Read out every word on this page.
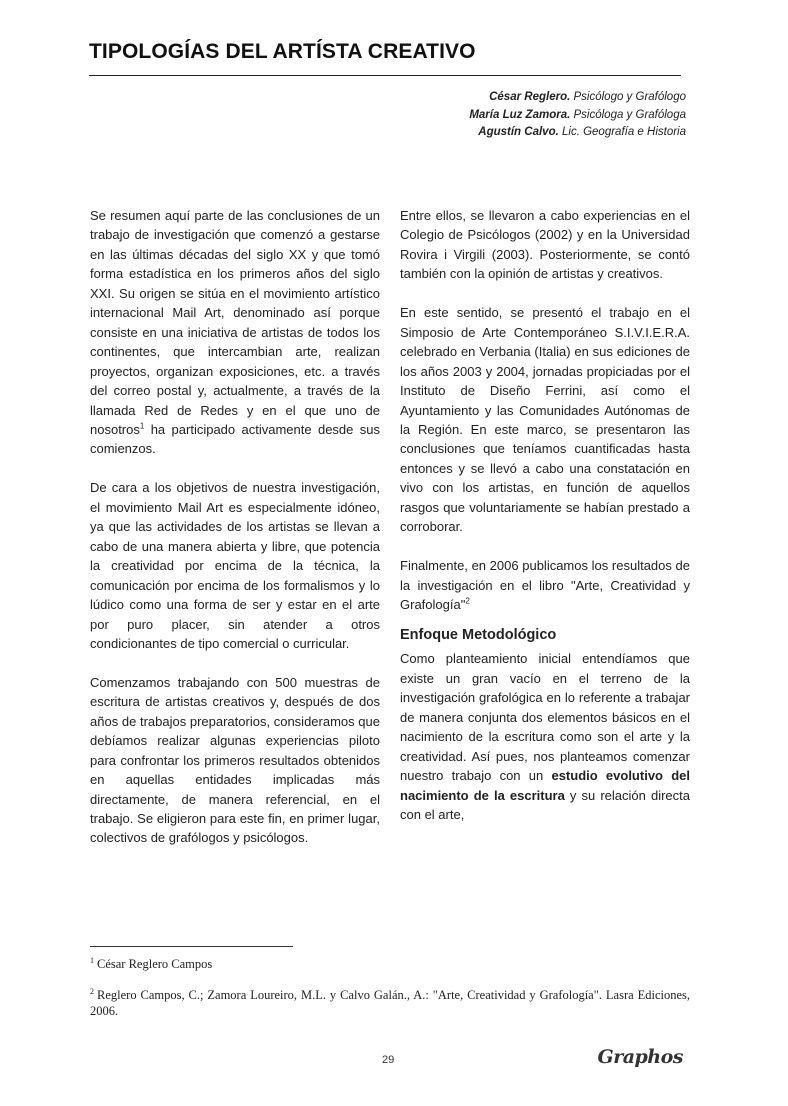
TIPOLOGÍAS DEL ARTÍSTA CREATIVO
César Reglero. Psicólogo y Grafólogo
María Luz Zamora. Psicóloga y Grafóloga
Agustín Calvo. Lic. Geografía e Historia

Se resumen aquí parte de las conclusiones de un trabajo de investigación que comenzó a gestarse en las últimas décadas del siglo XX y que tomó forma estadística en los primeros años del siglo XXI. Su origen se sitúa en el movimiento artístico internacional Mail Art, denominado así porque consiste en una iniciativa de artistas de todos los continentes, que intercambian arte, realizan proyectos, organizan exposiciones, etc. a través del correo postal y, actualmente, a través de la llamada Red de Redes y en el que uno de nosotros$^1$ ha participado activamente desde sus comienzos.

De cara a los objetivos de nuestra investigación, el movimiento Mail Art es especialmente idóneo, ya que las actividades de los artistas se llevan a cabo de una manera abierta y libre, que potencia la creatividad por encima de la técnica, la comunicación por encima de los formalismos y lo lúdico como una forma de ser y estar en el arte por puro placer, sin atender a otros condicionantes de tipo comercial o curricular.

Comenzamos trabajando con 500 muestras de escritura de artistas creativos y, después de dos años de trabajos preparatorios, consideramos que debíamos realizar algunas experiencias piloto para confrontar los primeros resultados obtenidos en aquellas entidades implicadas más directamente, de manera referencial, en el trabajo. Se eligieron para este fin, en primer lugar, colectivos de grafólogos y psicólogos.

Entre ellos, se llevaron a cabo experiencias en el Colegio de Psicólogos (2002) y en la Universidad Rovira i Virgili (2003). Posteriormente, se contó también con la opinión de artistas y creativos.

En este sentido, se presentó el trabajo en el Simposio de Arte Contemporáneo S.I.V.I.E.R.A. celebrado en Verbania (Italia) en sus ediciones de los años 2003 y 2004, jornadas propiciadas por el Instituto de Diseño Ferrini, así como el Ayuntamiento y las Comunidades Autónomas de la Región. En este marco, se presentaron las conclusiones que teníamos cuantificadas hasta entonces y se llevó a cabo una constatación en vivo con los artistas, en función de aquellos rasgos que voluntariamente se habían prestado a corroborar.

Finalmente, en 2006 publicamos los resultados de la investigación en el libro "Arte, Creatividad y Grafología"$^2$

Enfoque Metodológico

Como planteamiento inicial entendíamos que existe un gran vacío en el terreno de la investigación grafológica en lo referente a trabajar de manera conjunta dos elementos básicos en el nacimiento de la escritura como son el arte y la creatividad. Así pues, nos planteamos comenzar nuestro trabajo con un estudio evolutivo del nacimiento de la escritura y su relación directa con el arte,

$^1$ César Reglero Campos

$^2$ Reglero Campos, C.; Zamora Loureiro, M.L. y Calvo Galán., A.: "Arte, Creatividad y Grafología". Lasra Ediciones, 2006.

29	Graphos
